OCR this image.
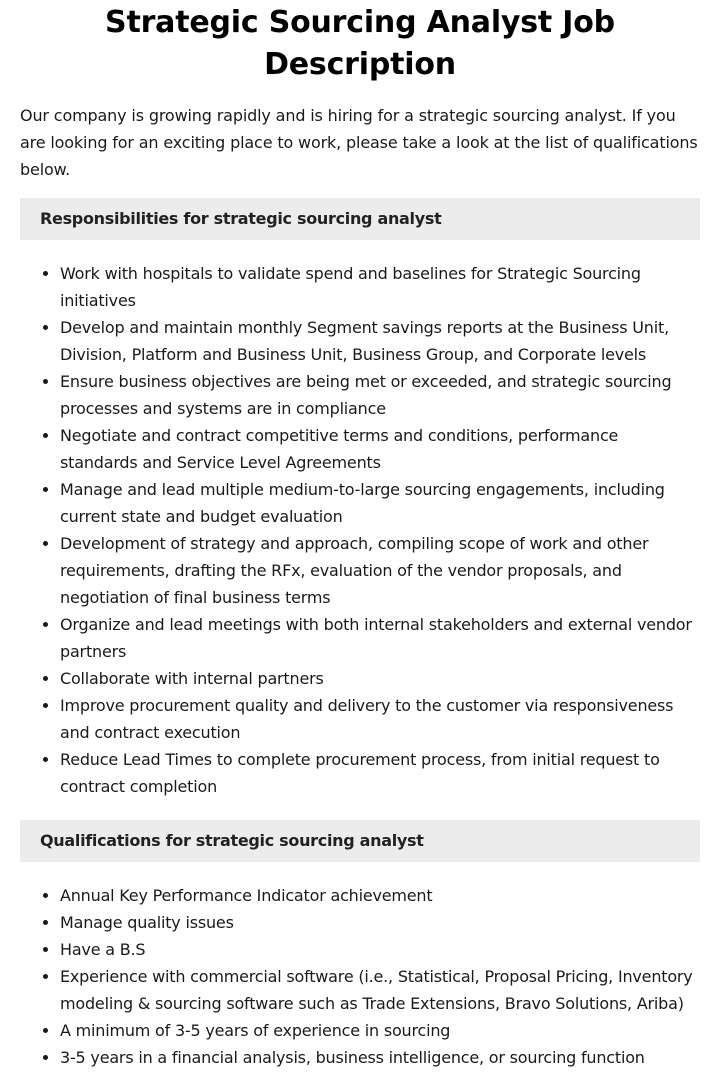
Strategic Sourcing Analyst Job Description

Our company is growing rapidly and is hiring for a strategic sourcing analyst. If you are looking for an exciting place to work, please take a look at the list of qualifications below.

Responsibilities for strategic sourcing analyst
• Work with hospitals to validate spend and baselines for Strategic Sourcing initiatives
• Develop and maintain monthly Segment savings reports at the Business Unit, Division, Platform and Business Unit, Business Group, and Corporate levels
• Ensure business objectives are being met or exceeded, and strategic sourcing processes and systems are in compliance
• Negotiate and contract competitive terms and conditions, performance standards and Service Level Agreements
• Manage and lead multiple medium-to-large sourcing engagements, including current state and budget evaluation
• Development of strategy and approach, compiling scope of work and other requirements, drafting the RFx, evaluation of the vendor proposals, and negotiation of final business terms
• Organize and lead meetings with both internal stakeholders and external vendor partners
• Collaborate with internal partners
• Improve procurement quality and delivery to the customer via responsiveness and contract execution
• Reduce Lead Times to complete procurement process, from initial request to contract completion
Qualifications for strategic sourcing analyst
• Annual Key Performance Indicator achievement
• Manage quality issues
• Have a B.S
• Experience with commercial software (i.e., Statistical, Proposal Pricing, Inventory modeling & sourcing software such as Trade Extensions, Bravo Solutions, Ariba)
• A minimum of 3-5 years of experience in sourcing
• 3-5 years in a financial analysis, business intelligence, or sourcing function
